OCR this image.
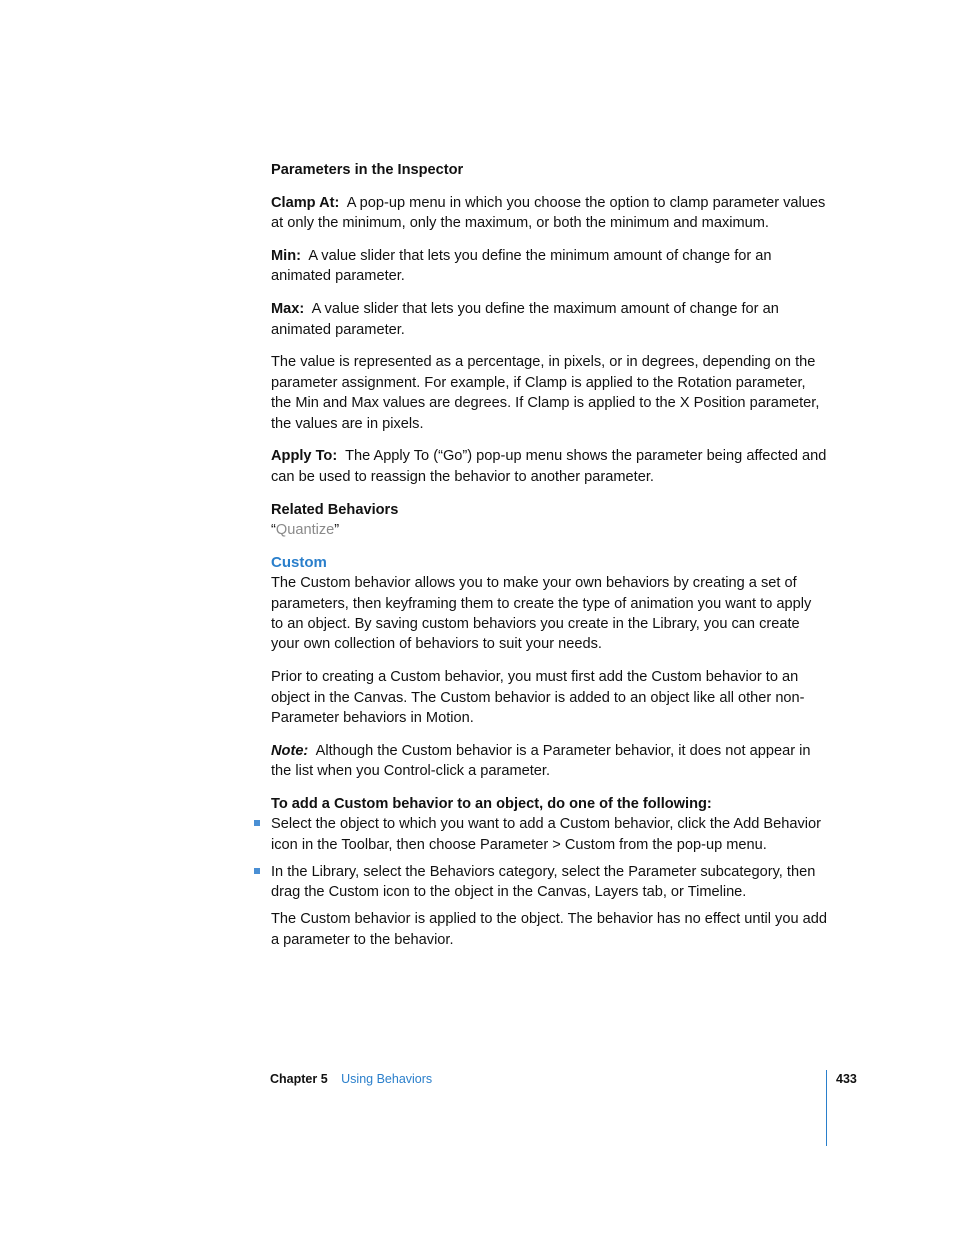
Parameters in the Inspector

Clamp At: A pop-up menu in which you choose the option to clamp parameter values at only the minimum, only the maximum, or both the minimum and maximum.

Min: A value slider that lets you define the minimum amount of change for an animated parameter.

Max: A value slider that lets you define the maximum amount of change for an animated parameter.

The value is represented as a percentage, in pixels, or in degrees, depending on the parameter assignment. For example, if Clamp is applied to the Rotation parameter, the Min and Max values are degrees. If Clamp is applied to the X Position parameter, the values are in pixels.

Apply To: The Apply To (“Go”) pop-up menu shows the parameter being affected and can be used to reassign the behavior to another parameter.

Related Behaviors

“Quantize”

Custom

The Custom behavior allows you to make your own behaviors by creating a set of parameters, then keyframing them to create the type of animation you want to apply to an object. By saving custom behaviors you create in the Library, you can create your own collection of behaviors to suit your needs.

Prior to creating a Custom behavior, you must first add the Custom behavior to an object in the Canvas. The Custom behavior is added to an object like all other non-Parameter behaviors in Motion.

Note: Although the Custom behavior is a Parameter behavior, it does not appear in the list when you Control-click a parameter.

To add a Custom behavior to an object, do one of the following:

Select the object to which you want to add a Custom behavior, click the Add Behavior icon in the Toolbar, then choose Parameter > Custom from the pop-up menu.
In the Library, select the Behaviors category, select the Parameter subcategory, then drag the Custom icon to the object in the Canvas, Layers tab, or Timeline.

The Custom behavior is applied to the object. The behavior has no effect until you add a parameter to the behavior.

Chapter 5 Using Behaviors	433
